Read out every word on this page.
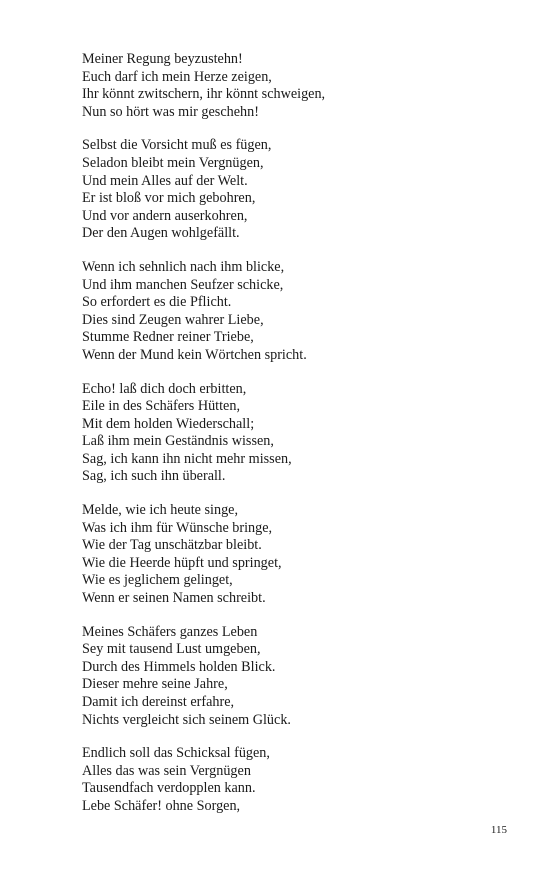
Meiner Regung beyzustehn!
Euch darf ich mein Herze zeigen,
Ihr könnt zwitschern, ihr könnt schweigen,
Nun so hört was mir geschehn!
Selbst die Vorsicht muß es fügen,
Seladon bleibt mein Vergnügen,
Und mein Alles auf der Welt.
Er ist bloß vor mich gebohren,
Und vor andern auserkohren,
Der den Augen wohlgefällt.
Wenn ich sehnlich nach ihm blicke,
Und ihm manchen Seufzer schicke,
So erfordert es die Pflicht.
Dies sind Zeugen wahrer Liebe,
Stumme Redner reiner Triebe,
Wenn der Mund kein Wörtchen spricht.
Echo! laß dich doch erbitten,
Eile in des Schäfers Hütten,
Mit dem holden Wiederschall;
Laß ihm mein Geständnis wissen,
Sag, ich kann ihn nicht mehr missen,
Sag, ich such ihn überall.
Melde, wie ich heute singe,
Was ich ihm für Wünsche bringe,
Wie der Tag unschätzbar bleibt.
Wie die Heerde hüpft und springet,
Wie es jeglichem gelinget,
Wenn er seinen Namen schreibt.
Meines Schäfers ganzes Leben
Sey mit tausend Lust umgeben,
Durch des Himmels holden Blick.
Dieser mehre seine Jahre,
Damit ich dereinst erfahre,
Nichts vergleicht sich seinem Glück.
Endlich soll das Schicksal fügen,
Alles das was sein Vergnügen
Tausendfach verdopplen kann.
Lebe Schäfer! ohne Sorgen,
115
